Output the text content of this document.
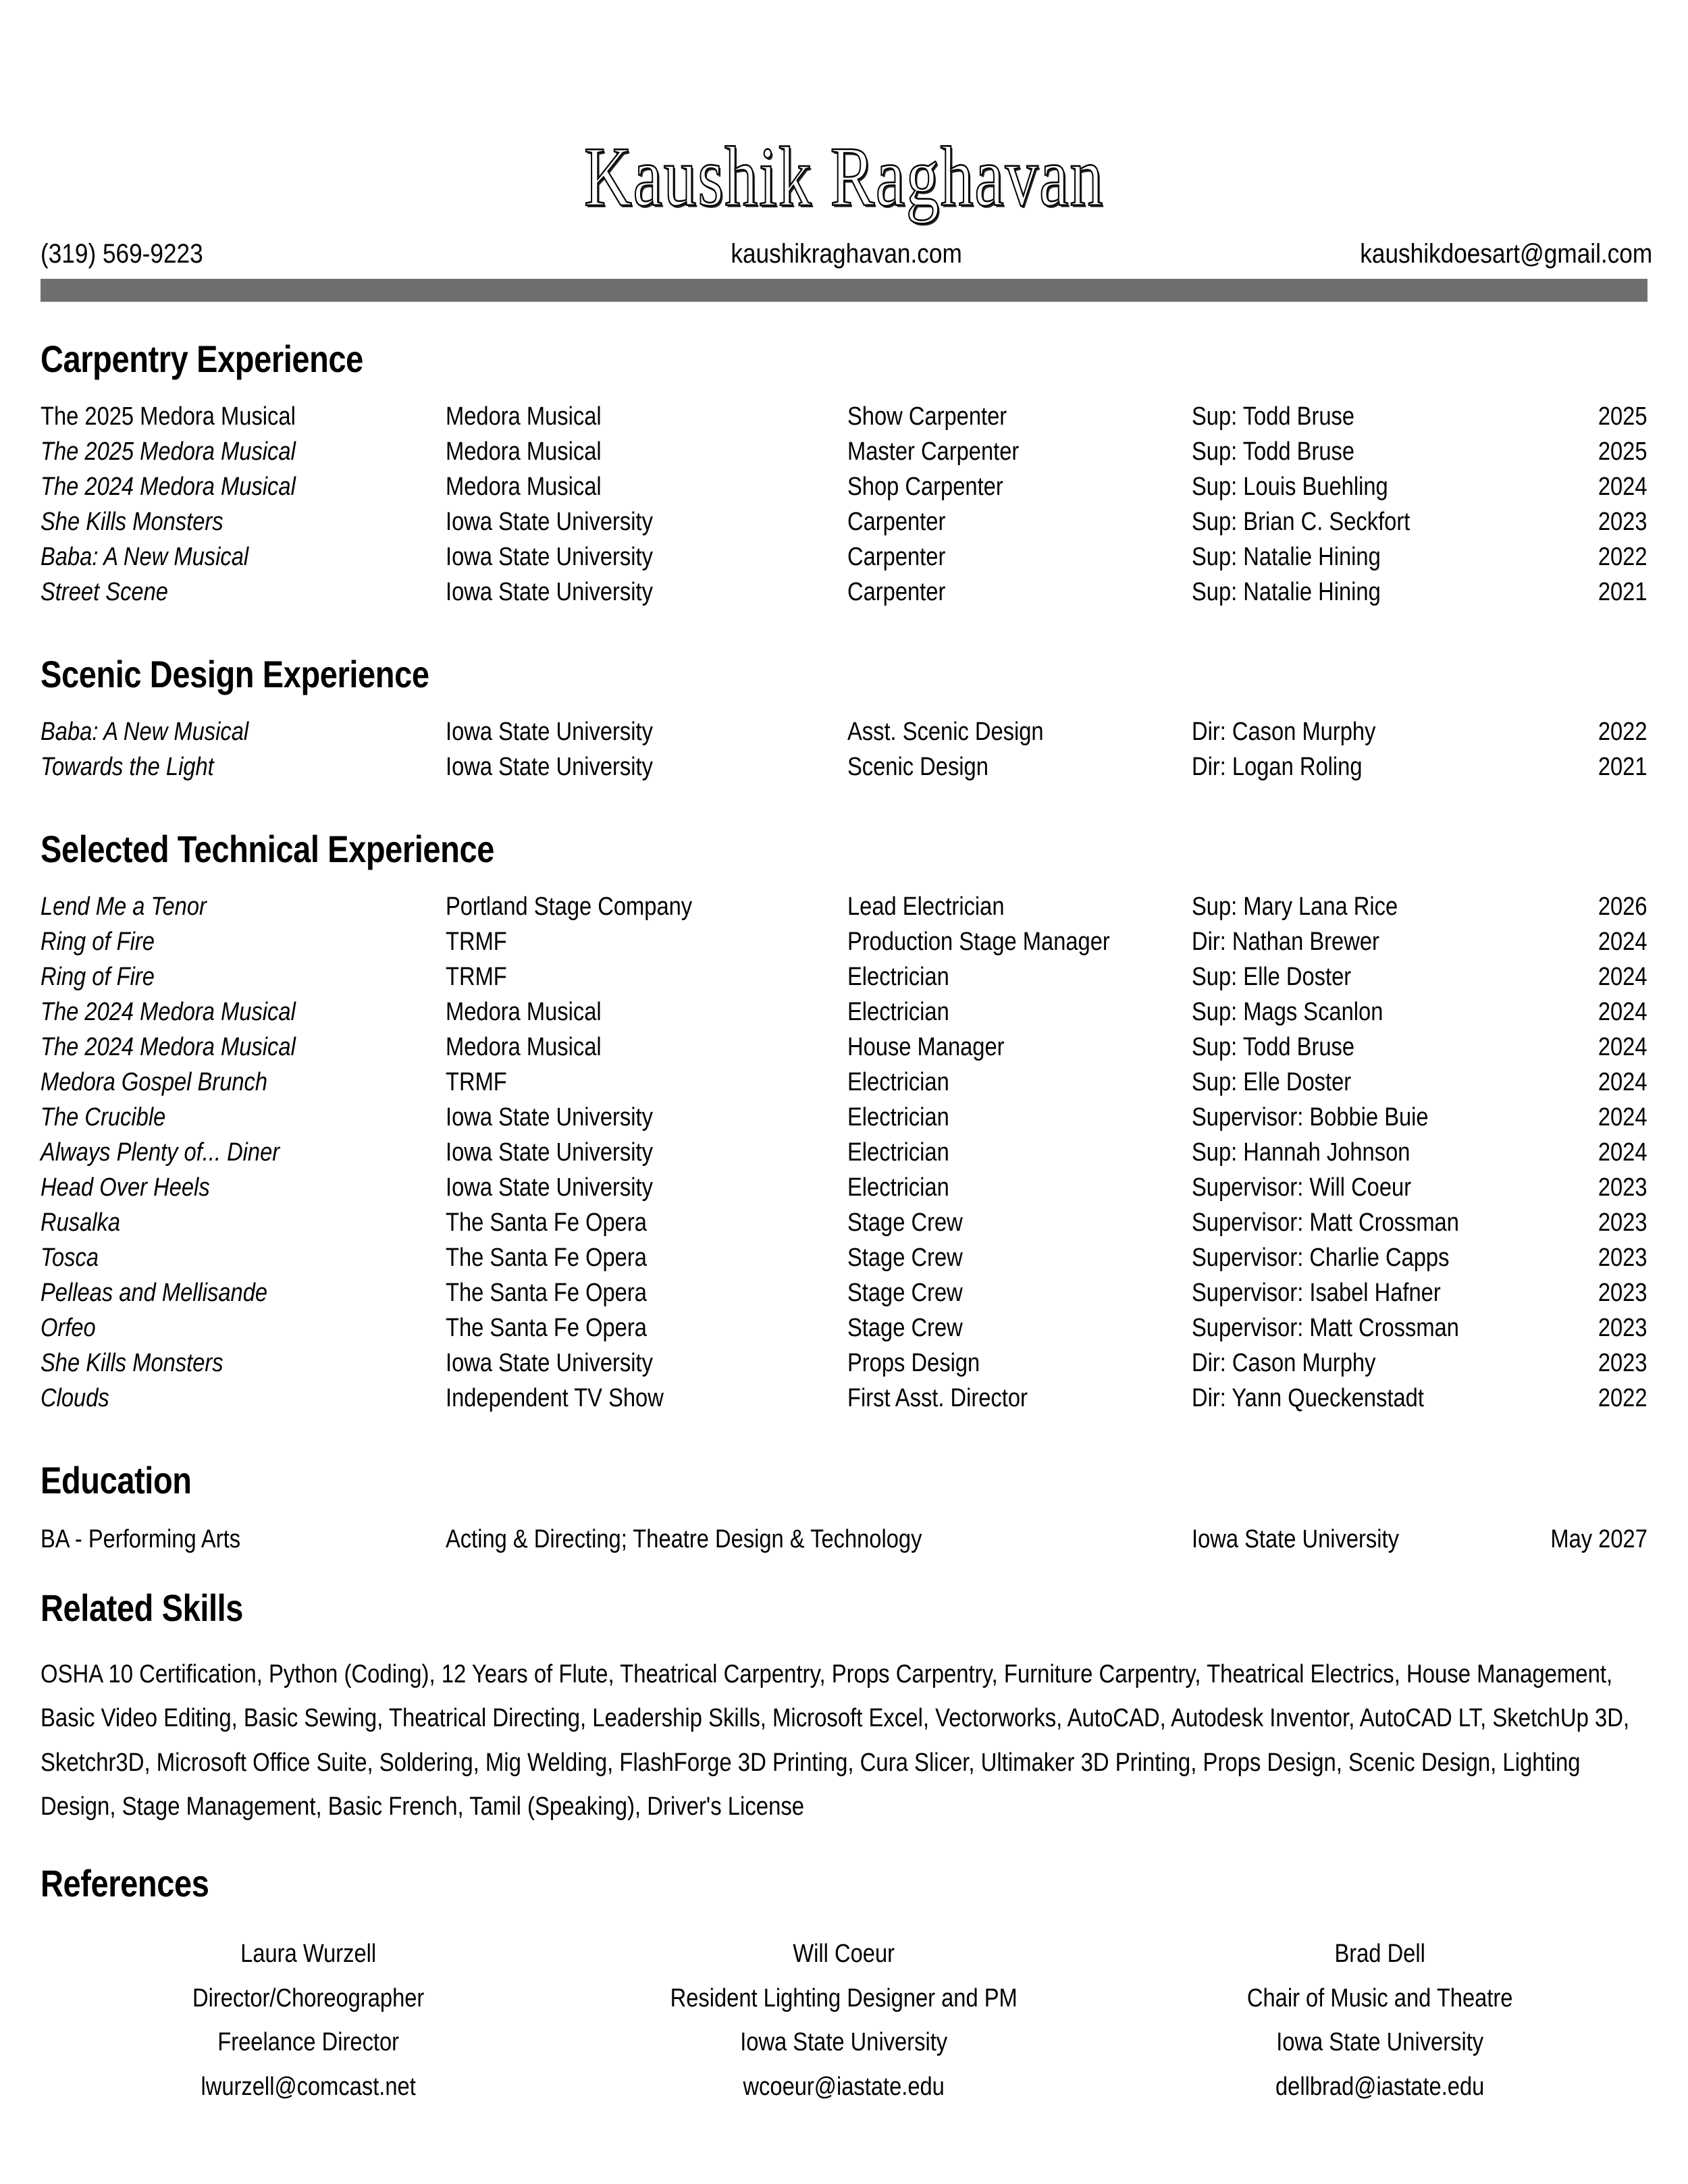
Kaushik Raghavan
(319) 569-9223	kaushikraghavan.com	kaushikdoesart@gmail.com
Carpentry Experience
The 2025 Medora Musical	Medora Musical	Show Carpenter	Sup: Todd Bruse	2025
The 2025 Medora Musical	Medora Musical	Master Carpenter	Sup: Todd Bruse	2025
The 2024 Medora Musical	Medora Musical	Shop Carpenter	Sup: Louis Buehling	2024
She Kills Monsters	Iowa State University	Carpenter	Sup: Brian C. Seckfort	2023
Baba: A New Musical	Iowa State University	Carpenter	Sup: Natalie Hining	2022
Street Scene	Iowa State University	Carpenter	Sup: Natalie Hining	2021
Scenic Design Experience
Baba: A New Musical	Iowa State University	Asst. Scenic Design	Dir: Cason Murphy	2022
Towards the Light	Iowa State University	Scenic Design	Dir: Logan Roling	2021
Selected Technical Experience
Lend Me a Tenor	Portland Stage Company	Lead Electrician	Sup: Mary Lana Rice	2026
Ring of Fire	TRMF	Production Stage Manager	Dir: Nathan Brewer	2024
Ring of Fire	TRMF	Electrician	Sup: Elle Doster	2024
The 2024 Medora Musical	Medora Musical	Electrician	Sup: Mags Scanlon	2024
The 2024 Medora Musical	Medora Musical	House Manager	Sup: Todd Bruse	2024
Medora Gospel Brunch	TRMF	Electrician	Sup: Elle Doster	2024
The Crucible	Iowa State University	Electrician	Supervisor: Bobbie Buie	2024
Always Plenty of... Diner	Iowa State University	Electrician	Sup: Hannah Johnson	2024
Head Over Heels	Iowa State University	Electrician	Supervisor: Will Coeur	2023
Rusalka	The Santa Fe Opera	Stage Crew	Supervisor: Matt Crossman	2023
Tosca	The Santa Fe Opera	Stage Crew	Supervisor: Charlie Capps	2023
Pelleas and Mellisande	The Santa Fe Opera	Stage Crew	Supervisor: Isabel Hafner	2023
Orfeo	The Santa Fe Opera	Stage Crew	Supervisor: Matt Crossman	2023
She Kills Monsters	Iowa State University	Props Design	Dir: Cason Murphy	2023
Clouds	Independent TV Show	First Asst. Director	Dir: Yann Queckenstadt	2022
Education
BA - Performing Arts	Acting & Directing; Theatre Design & Technology	Iowa State University	May 2027
Related Skills
OSHA 10 Certification, Python (Coding), 12 Years of Flute, Theatrical Carpentry, Props Carpentry, Furniture Carpentry, Theatrical Electrics, House Management, Basic Video Editing, Basic Sewing, Theatrical Directing, Leadership Skills, Microsoft Excel, Vectorworks, AutoCAD, Autodesk Inventor, AutoCAD LT, SketchUp 3D, Sketchr3D, Microsoft Office Suite, Soldering, Mig Welding, FlashForge 3D Printing, Cura Slicer, Ultimaker 3D Printing, Props Design, Scenic Design, Lighting Design, Stage Management, Basic French, Tamil (Speaking), Driver's License
References
Laura Wurzell
Director/Choreographer
Freelance Director
lwurzell@comcast.net
Will Coeur
Resident Lighting Designer and PM
Iowa State University
wcoeur@iastate.edu
Brad Dell
Chair of Music and Theatre
Iowa State University
dellbrad@iastate.edu
